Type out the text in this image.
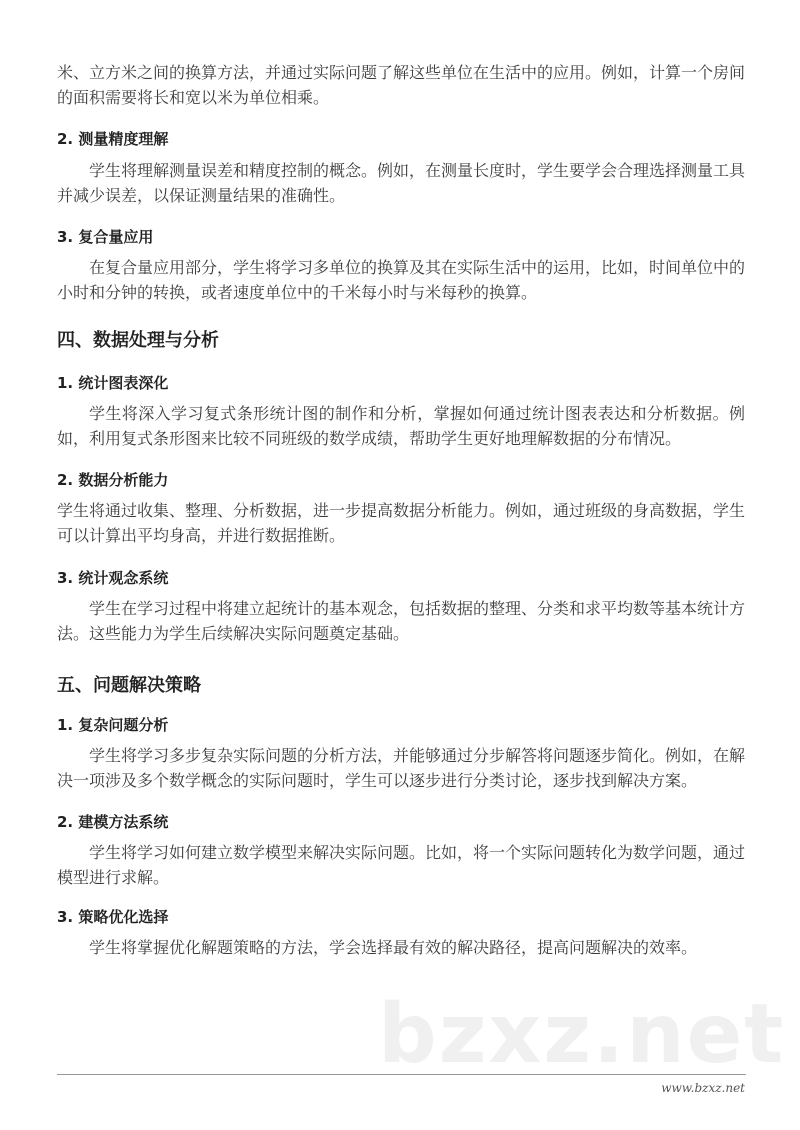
米、立方米之间的换算方法，并通过实际问题了解这些单位在生活中的应用。例如，计算一个房间的面积需要将长和宽以米为单位相乘。
2. 测量精度理解
学生将理解测量误差和精度控制的概念。例如，在测量长度时，学生要学会合理选择测量工具并减少误差，以保证测量结果的准确性。
3. 复合量应用
在复合量应用部分，学生将学习多单位的换算及其在实际生活中的运用，比如，时间单位中的小时和分钟的转换，或者速度单位中的千米每小时与米每秒的换算。
四、数据处理与分析
1. 统计图表深化
学生将深入学习复式条形统计图的制作和分析，掌握如何通过统计图表表达和分析数据。例如，利用复式条形图来比较不同班级的数学成绩，帮助学生更好地理解数据的分布情况。
2. 数据分析能力
学生将通过收集、整理、分析数据，进一步提高数据分析能力。例如，通过班级的身高数据，学生可以计算出平均身高，并进行数据推断。
3. 统计观念系统
学生在学习过程中将建立起统计的基本观念，包括数据的整理、分类和求平均数等基本统计方法。这些能力为学生后续解决实际问题奠定基础。
五、问题解决策略
1. 复杂问题分析
学生将学习多步复杂实际问题的分析方法，并能够通过分步解答将问题逐步简化。例如，在解决一项涉及多个数学概念的实际问题时，学生可以逐步进行分类讨论，逐步找到解决方案。
2. 建模方法系统
学生将学习如何建立数学模型来解决实际问题。比如，将一个实际问题转化为数学问题，通过模型进行求解。
3. 策略优化选择
学生将掌握优化解题策略的方法，学会选择最有效的解决路径，提高问题解决的效率。
bzxz.net
www.bzxz.net
